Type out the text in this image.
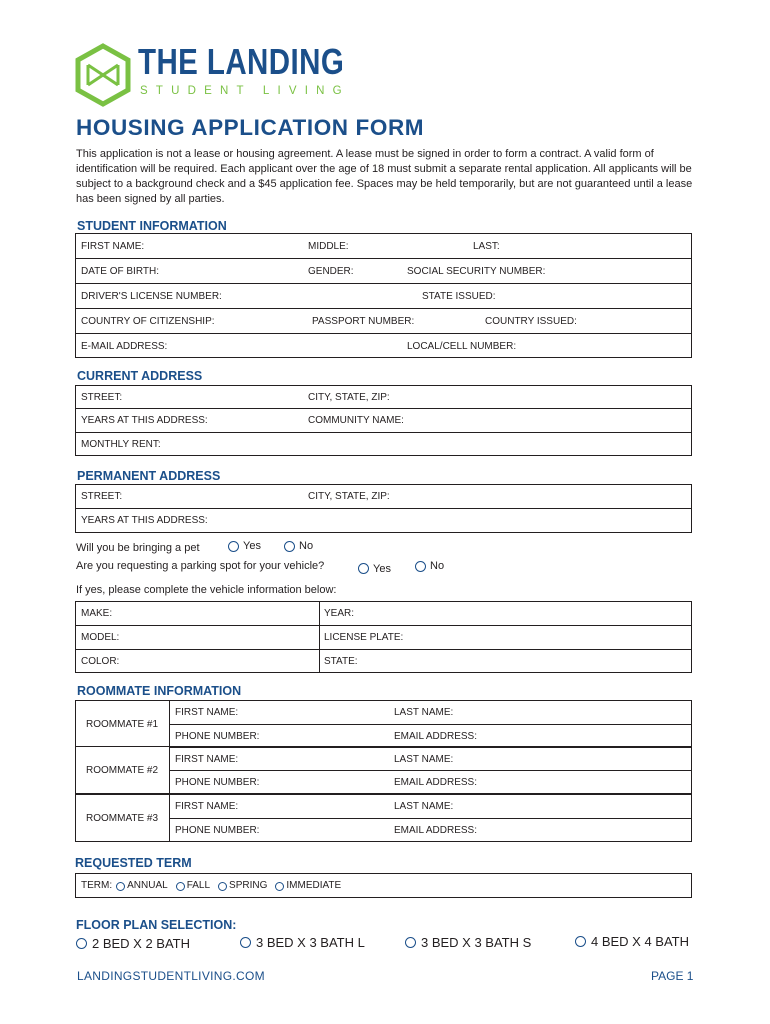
THE LANDING
STUDENT LIVING
HOUSING APPLICATION FORM
This application is not a lease or housing agreement. A lease must be signed in order to form a contract. A valid form of identification will be required. Each applicant over the age of 18 must submit a separate rental application. All applicants will be subject to a background check and a $45 application fee. Spaces may be held temporarily, but are not guaranteed until a lease has been signed by all parties.
STUDENT INFORMATION
FIRST NAME:	MIDDLE:	LAST:
DATE OF BIRTH:	GENDER:	SOCIAL SECURITY NUMBER:
DRIVER'S LICENSE NUMBER:	STATE ISSUED:
COUNTRY OF CITIZENSHIP:	PASSPORT NUMBER:	COUNTRY ISSUED:
E-MAIL ADDRESS:	LOCAL/CELL NUMBER:
CURRENT ADDRESS
STREET:	CITY, STATE, ZIP:
YEARS AT THIS ADDRESS:	COMMUNITY NAME:
MONTHLY RENT:
PERMANENT ADDRESS
STREET:	CITY, STATE, ZIP:
YEARS AT THIS ADDRESS:
Will you be bringing a pet	Yes	No
Are you requesting a parking spot for your vehicle?	Yes	No
If yes, please complete the vehicle information below:
MAKE:	YEAR:
MODEL:	LICENSE PLATE:
COLOR:	STATE:
ROOMMATE INFORMATION
ROOMMATE #1
FIRST NAME:	LAST NAME:
PHONE NUMBER:	EMAIL ADDRESS:
ROOMMATE #2
FIRST NAME:	LAST NAME:
PHONE NUMBER:	EMAIL ADDRESS:
ROOMMATE #3
FIRST NAME:	LAST NAME:
PHONE NUMBER:	EMAIL ADDRESS:
REQUESTED TERM
TERM: ANNUAL FALL SPRING IMMEDIATE
FLOOR PLAN SELECTION:
2 BED X 2 BATH	3 BED X 3 BATH L	3 BED X 3 BATH S	4 BED X 4 BATH
LANDINGSTUDENTLIVING.COM	PAGE 1
